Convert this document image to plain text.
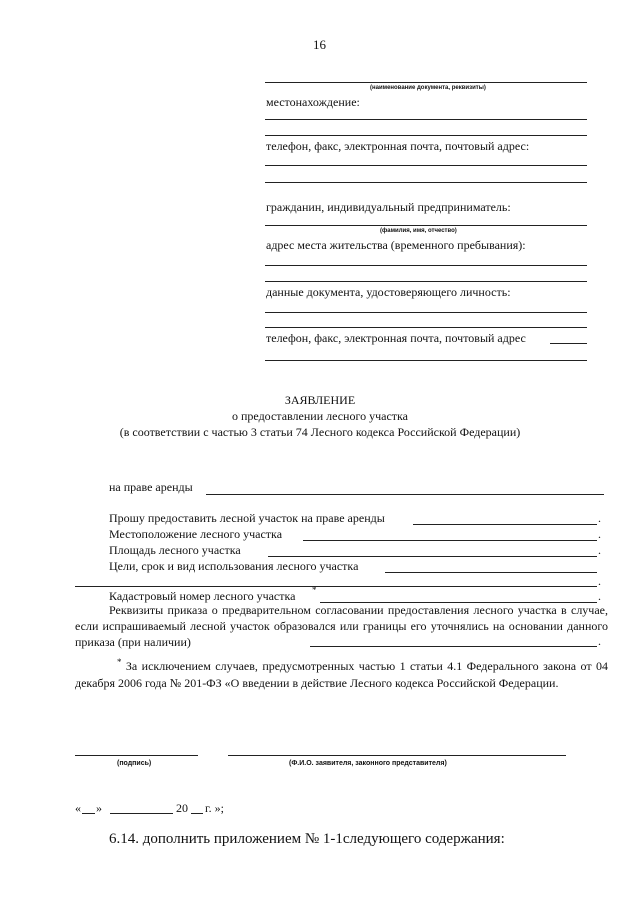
16
(наименование документа, реквизиты)
местонахождение:
телефон, факс, электронная почта, почтовый адрес:
гражданин, индивидуальный предприниматель:
(фамилия, имя, отчество)
адрес места жительства (временного пребывания):
данные документа, удостоверяющего личность:
телефон, факс, электронная почта, почтовый адрес
ЗАЯВЛЕНИЕ
о предоставлении лесного участка
(в соответствии с частью 3 статьи 74 Лесного кодекса Российской Федерации)
на праве аренды
Прошу предоставить лесной участок на праве аренды	.
Местоположение лесного участка	.
Площадь лесного участка	.
Цели, срок и вид использования лесного участка
.
Кадастровый номер лесного участка *	.
Реквизиты приказа о предварительном согласовании предоставления лесного участка в случае, если испрашиваемый лесной участок образовался или границы его уточнялись на основании данного приказа (при наличии)	.
* За исключением случаев, предусмотренных частью 1 статьи 4.1 Федерального закона от 04 декабря 2006 года № 201-ФЗ «О введении в действие Лесного кодекса Российской Федерации.
(подпись)	(Ф.И.О. заявителя, законного представителя)
« »	20 г. »;
6.14. дополнить приложением № 1-1следующего содержания:
